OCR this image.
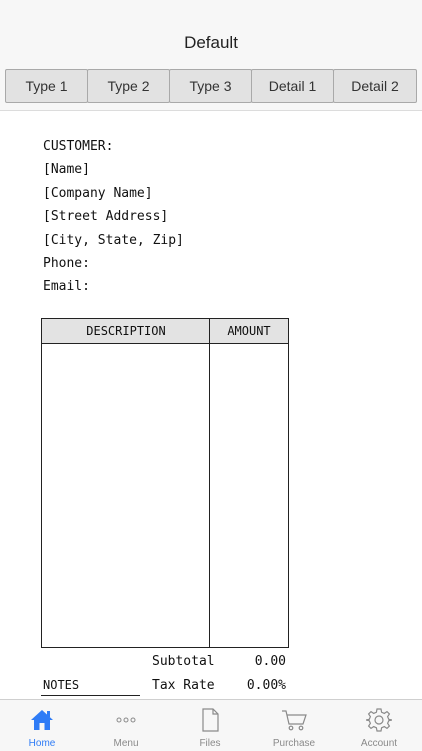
Default
Type 1	Type 2	Type 3	Detail 1	Detail 2
CUSTOMER:
[Name]
[Company Name]
[Street Address]
[City, State, Zip]
Phone:
Email:
DESCRIPTION	AMOUNT
Subtotal	0.00
NOTES	Tax Rate	0.00%
Home	Menu	Files	Purchase	Account
